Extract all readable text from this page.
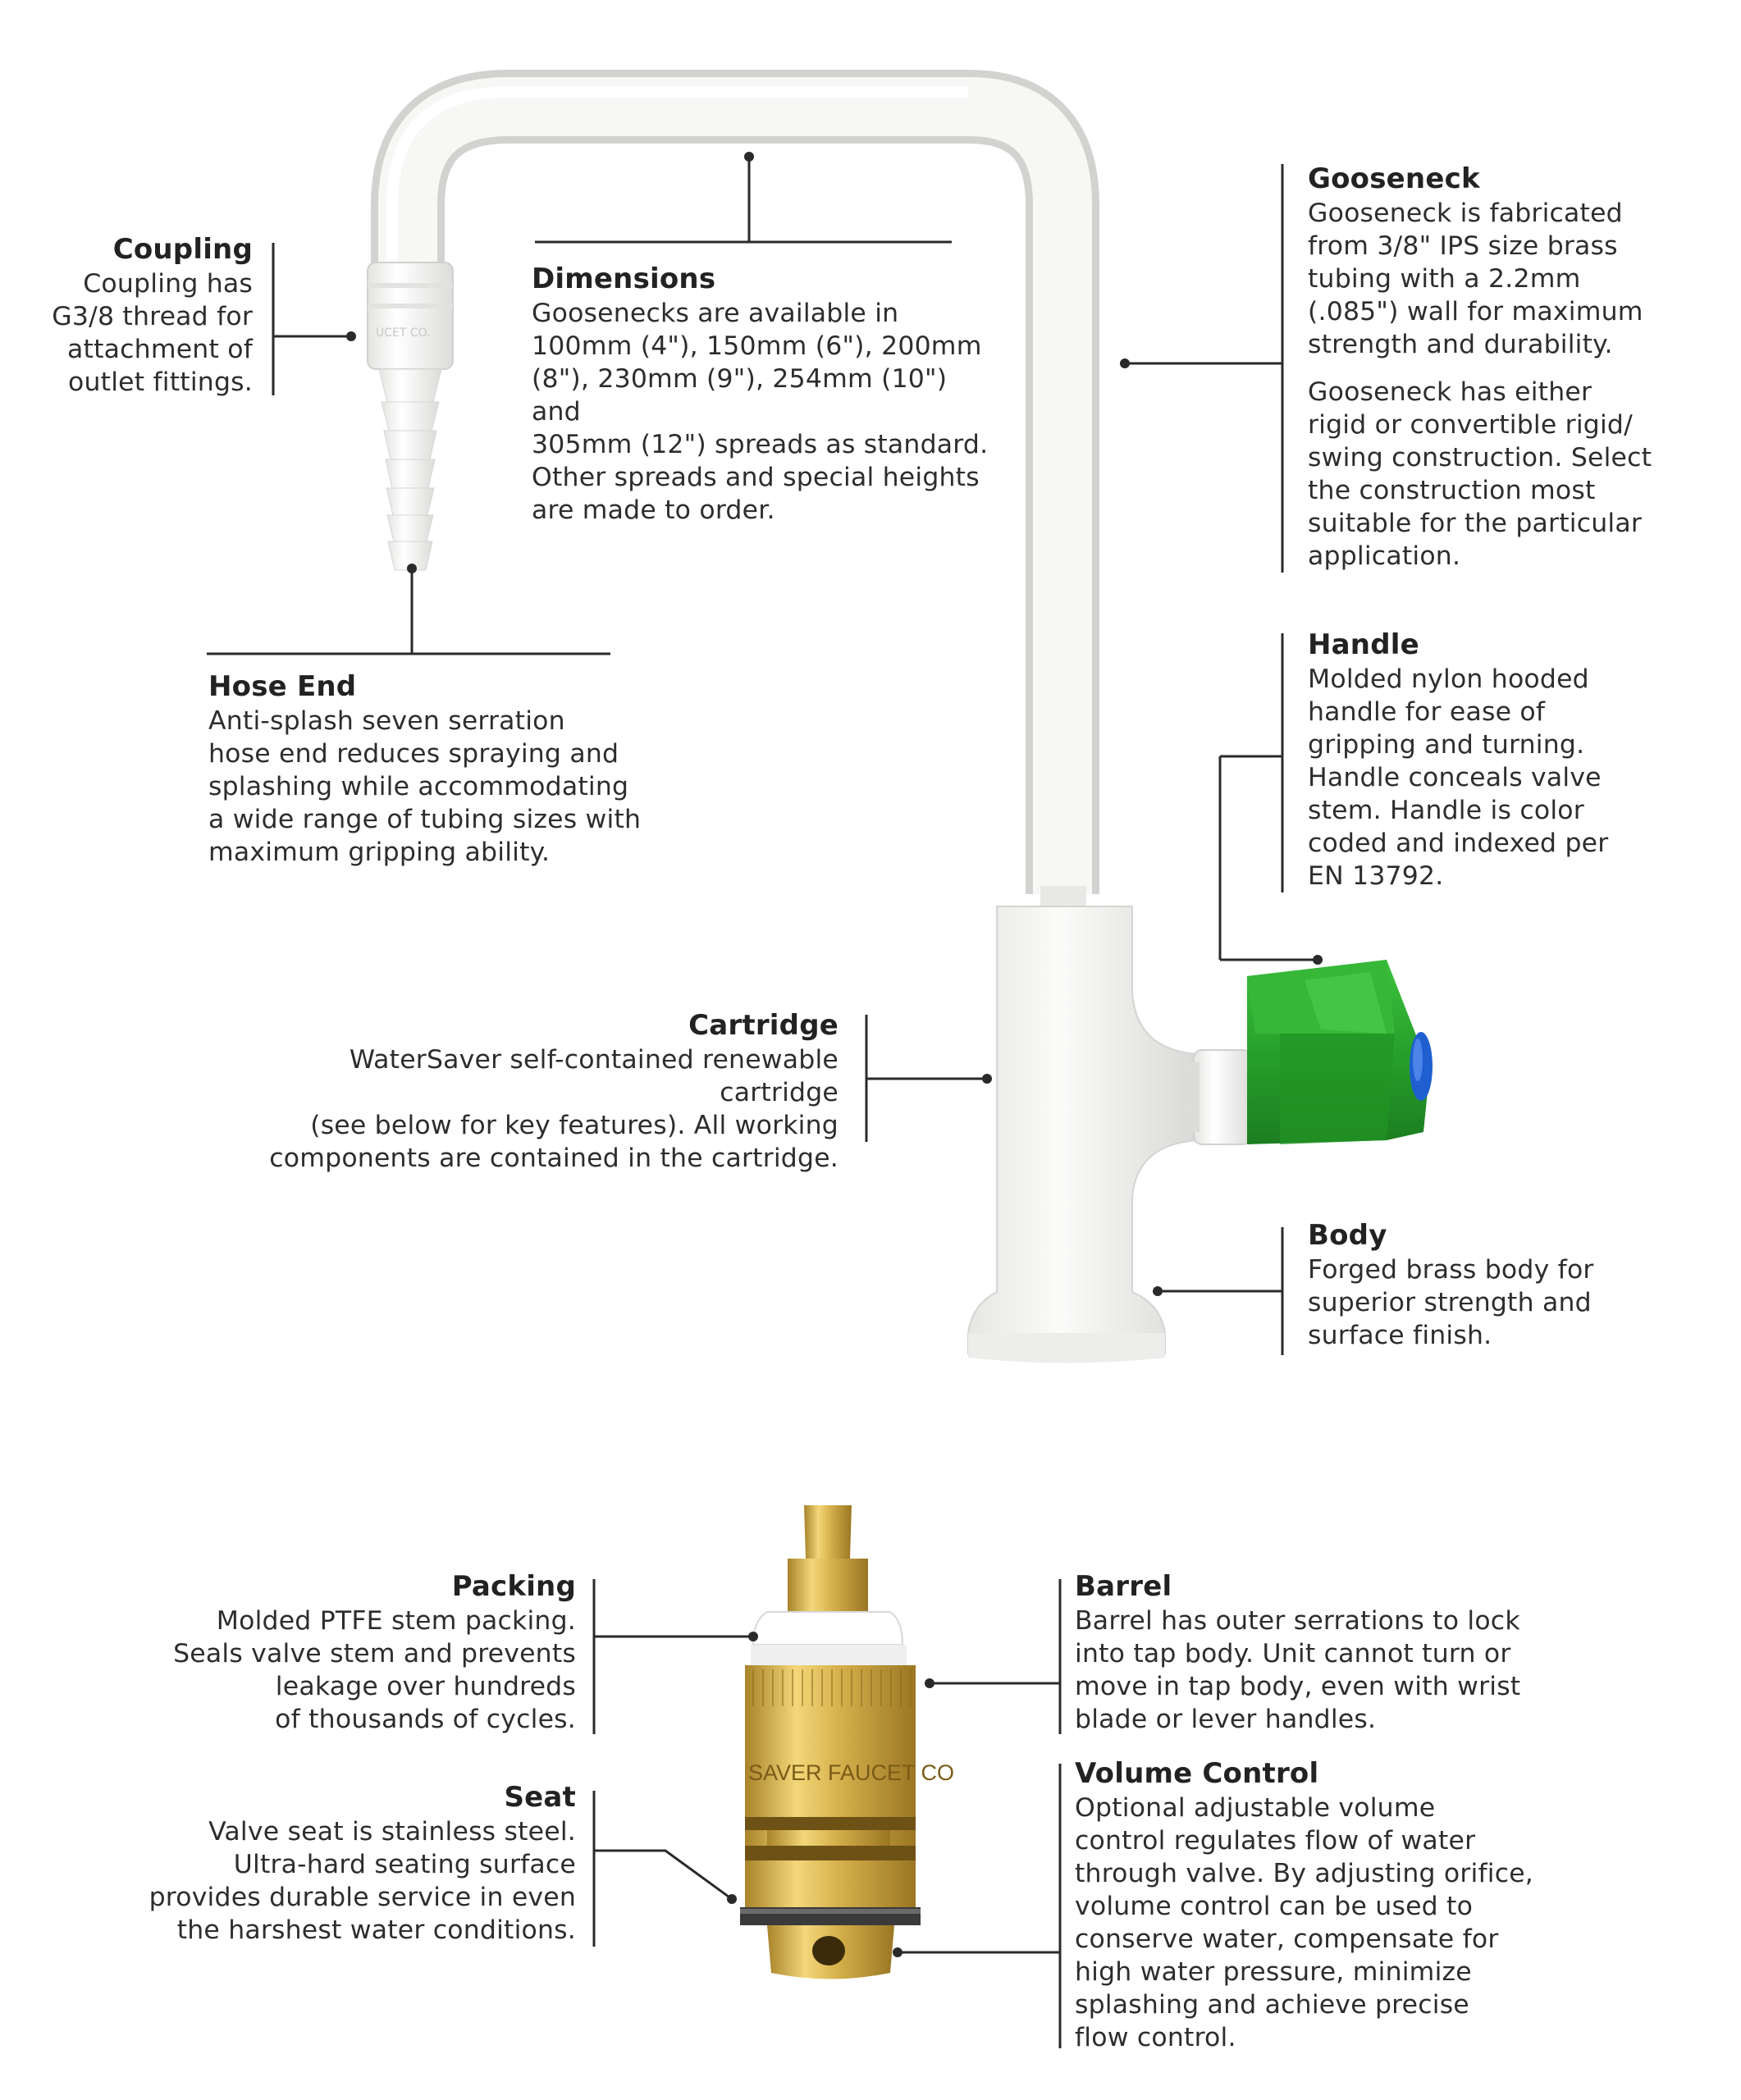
UCET CO.
SAVER FAUCET CO
Coupling

Coupling has
G3/8 thread for
attachment of
outlet fittings.

Dimensions

Goosenecks are available in
100mm (4"), 150mm (6"), 200mm
(8"), 230mm (9"), 254mm (10") and
305mm (12") spreads as standard.
Other spreads and special heights
are made to order.

Gooseneck

Gooseneck is fabricated
from 3/8" IPS size brass
tubing with a 2.2mm
(.085") wall for maximum
strength and durability.

Gooseneck has either
rigid or convertible rigid/
swing construction. Select
the construction most
suitable for the particular
application.

Hose End

Anti-splash seven serration
hose end reduces spraying and
splashing while accommodating
a wide range of tubing sizes with
maximum gripping ability.

Handle

Molded nylon hooded
handle for ease of
gripping and turning.
Handle conceals valve
stem. Handle is color
coded and indexed per
EN 13792.

Cartridge

WaterSaver self-contained renewable cartridge
(see below for key features). All working
components are contained in the cartridge.

Body

Forged brass body for
superior strength and
surface finish.

Packing

Molded PTFE stem packing.
Seals valve stem and prevents
leakage over hundreds
of thousands of cycles.

Barrel

Barrel has outer serrations to lock
into tap body. Unit cannot turn or
move in tap body, even with wrist
blade or lever handles.

Seat

Valve seat is stainless steel.
Ultra-hard seating surface
provides durable service in even
the harshest water conditions.

Volume Control

Optional adjustable volume
control regulates flow of water
through valve. By adjusting orifice,
volume control can be used to
conserve water, compensate for
high water pressure, minimize
splashing and achieve precise
flow control.
